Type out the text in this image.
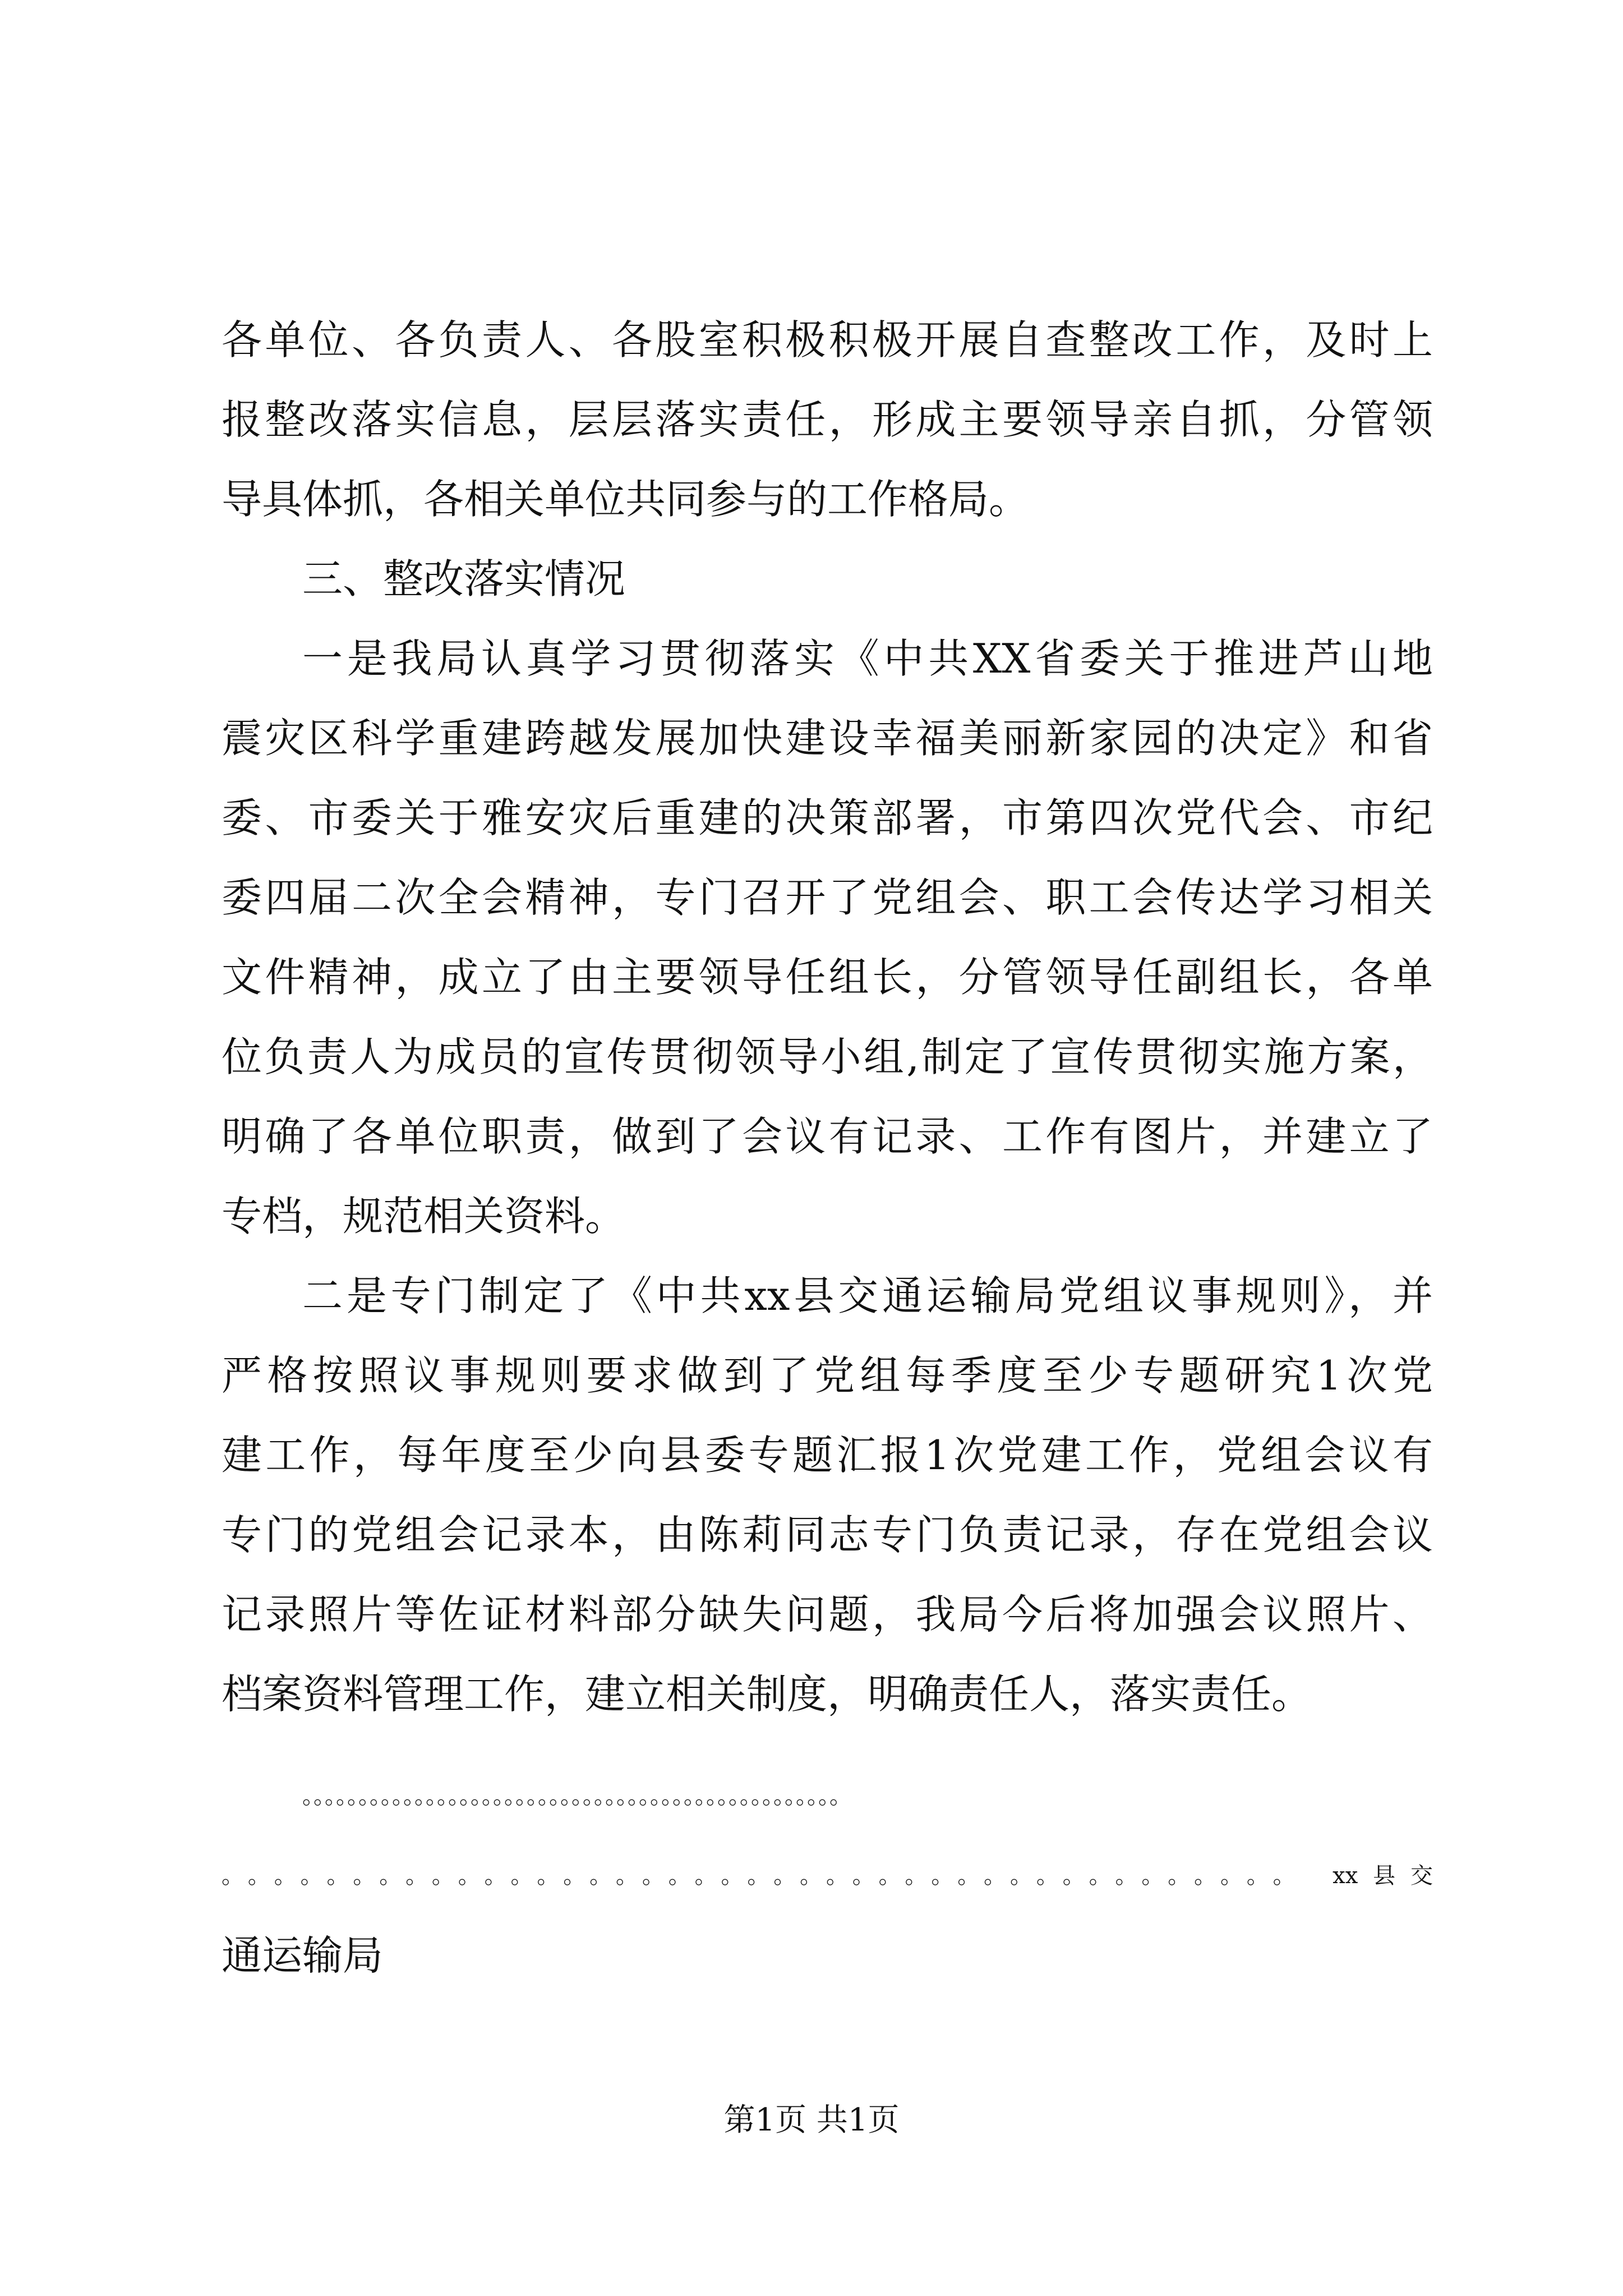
各单位、各负责人、各股室积极积极开展自查整改工作，及时上
报整改落实信息，层层落实责任，形成主要领导亲自抓，分管领
导具体抓，各相关单位共同参与的工作格局。
三、整改落实情况
一是我局认真学习贯彻落实《中共XX省委关于推进芦山地
震灾区科学重建跨越发展加快建设幸福美丽新家园的决定》和省
委、市委关于雅安灾后重建的决策部署，市第四次党代会、市纪
委四届二次全会精神，专门召开了党组会、职工会传达学习相关
文件精神，成立了由主要领导任组长，分管领导任副组长，各单
位负责人为成员的宣传贯彻领导小组,制定了宣传贯彻实施方案，
明确了各单位职责，做到了会议有记录、工作有图片，并建立了
专档，规范相关资料。
二是专门制定了《中共xx县交通运输局党组议事规则》，并
严格按照议事规则要求做到了党组每季度至少专题研究1次党
建工作，每年度至少向县委专题汇报1次党建工作，党组会议有
专门的党组会记录本，由陈莉同志专门负责记录，存在党组会议
记录照片等佐证材料部分缺失问题，我局今后将加强会议照片、
档案资料管理工作，建立相关制度，明确责任人，落实责任。
。。。。。。。。。。。。。。。。。。。。。。。。。。。。。。。。。。。。。。。。。。。。。。。。
。。。。。。。。。。。。。。。。。。。。。。。。。。。。。。。。。。。。。。。。。 xx县交
通运输局
第1页 共1页
